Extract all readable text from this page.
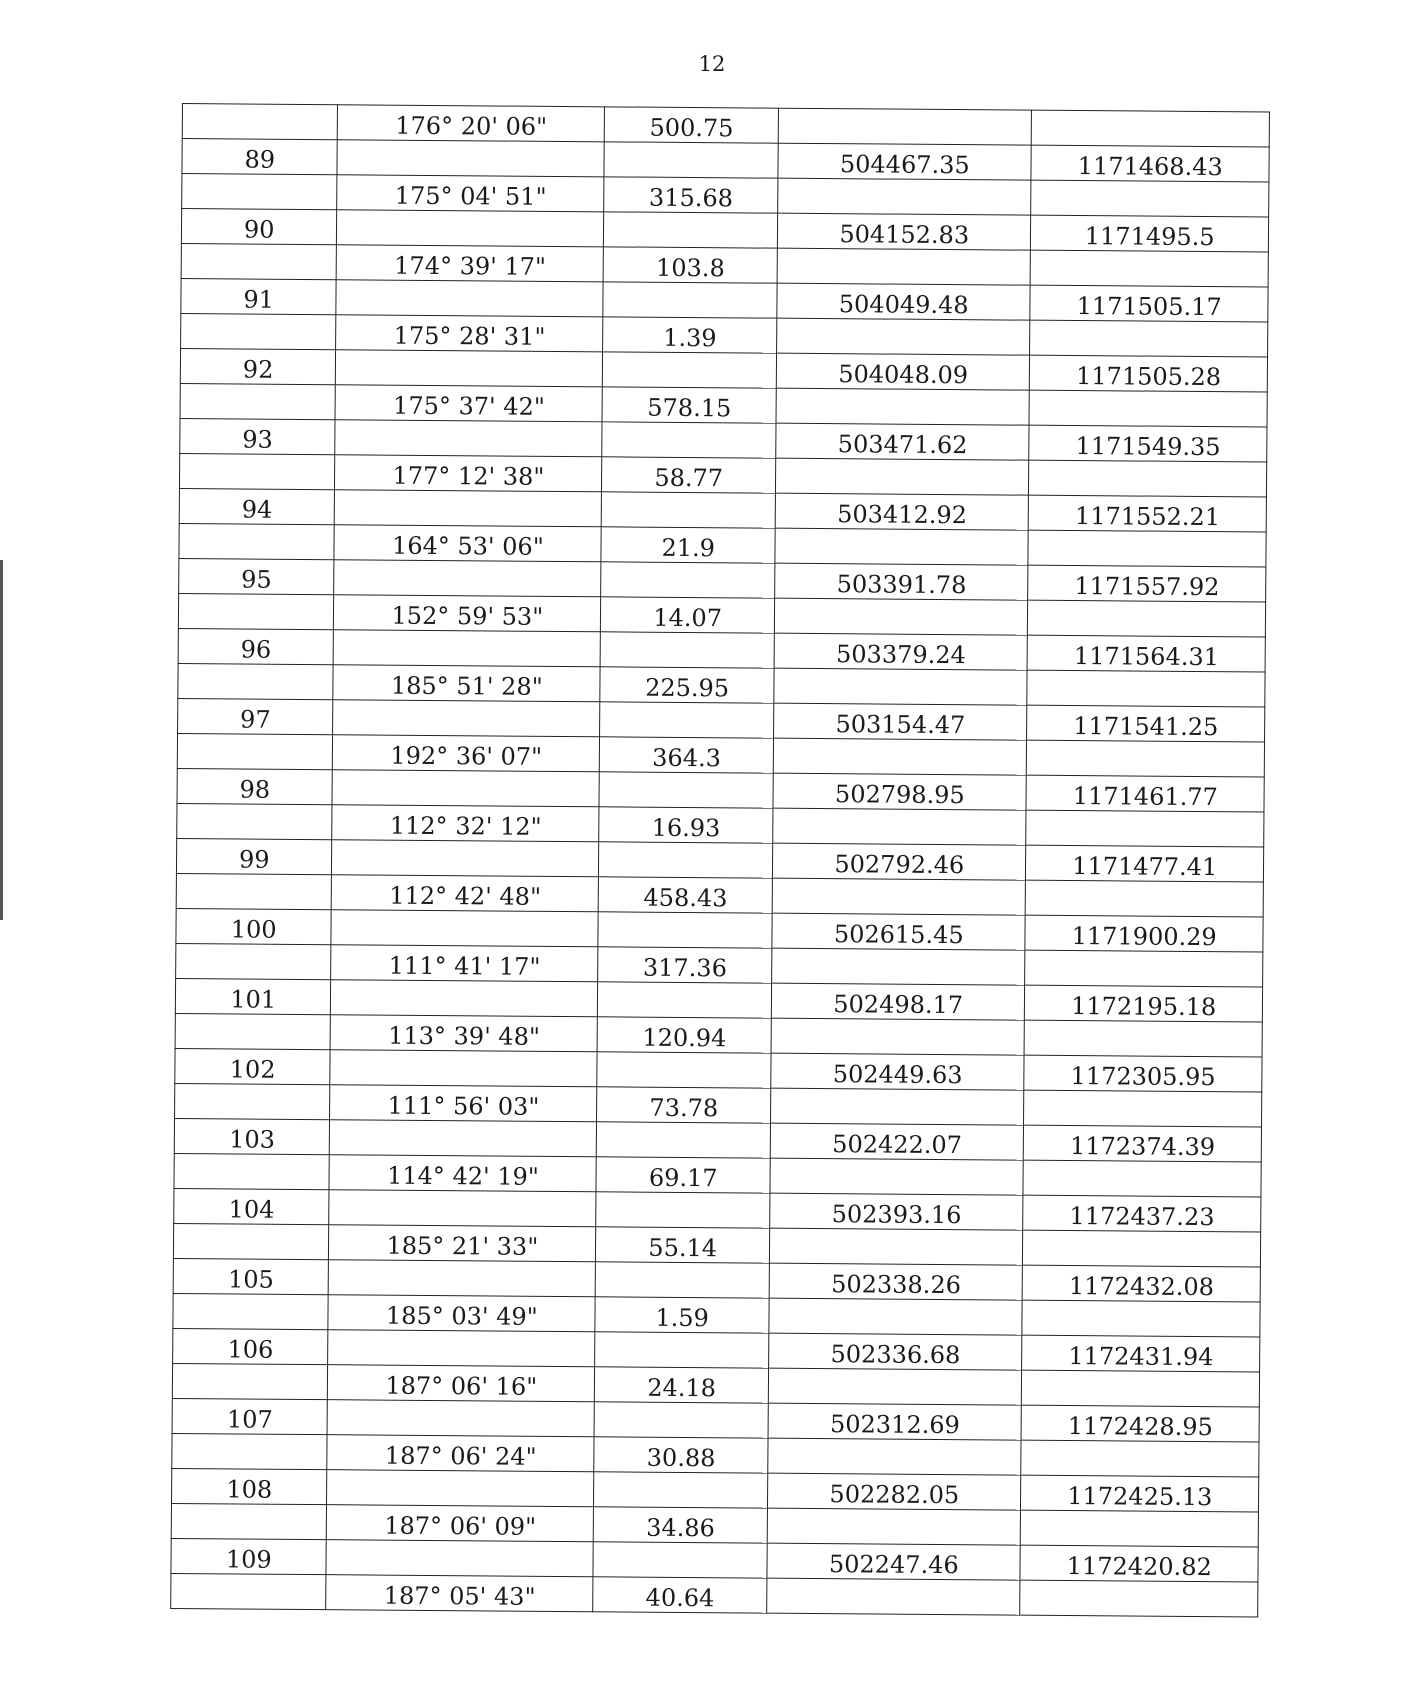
12
	176° 20' 06"	500.75		
89			504467.35	1171468.43
	175° 04' 51"	315.68		
90			504152.83	1171495.5
	174° 39' 17"	103.8		
91			504049.48	1171505.17
	175° 28' 31"	1.39		
92			504048.09	1171505.28
	175° 37' 42"	578.15		
93			503471.62	1171549.35
	177° 12' 38"	58.77		
94			503412.92	1171552.21
	164° 53' 06"	21.9		
95			503391.78	1171557.92
	152° 59' 53"	14.07		
96			503379.24	1171564.31
	185° 51' 28"	225.95		
97			503154.47	1171541.25
	192° 36' 07"	364.3		
98			502798.95	1171461.77
	112° 32' 12"	16.93		
99			502792.46	1171477.41
	112° 42' 48"	458.43		
100			502615.45	1171900.29
	111° 41' 17"	317.36		
101			502498.17	1172195.18
	113° 39' 48"	120.94		
102			502449.63	1172305.95
	111° 56' 03"	73.78		
103			502422.07	1172374.39
	114° 42' 19"	69.17		
104			502393.16	1172437.23
	185° 21' 33"	55.14		
105			502338.26	1172432.08
	185° 03' 49"	1.59		
106			502336.68	1172431.94
	187° 06' 16"	24.18		
107			502312.69	1172428.95
	187° 06' 24"	30.88		
108			502282.05	1172425.13
	187° 06' 09"	34.86		
109			502247.46	1172420.82
	187° 05' 43"	40.64		
